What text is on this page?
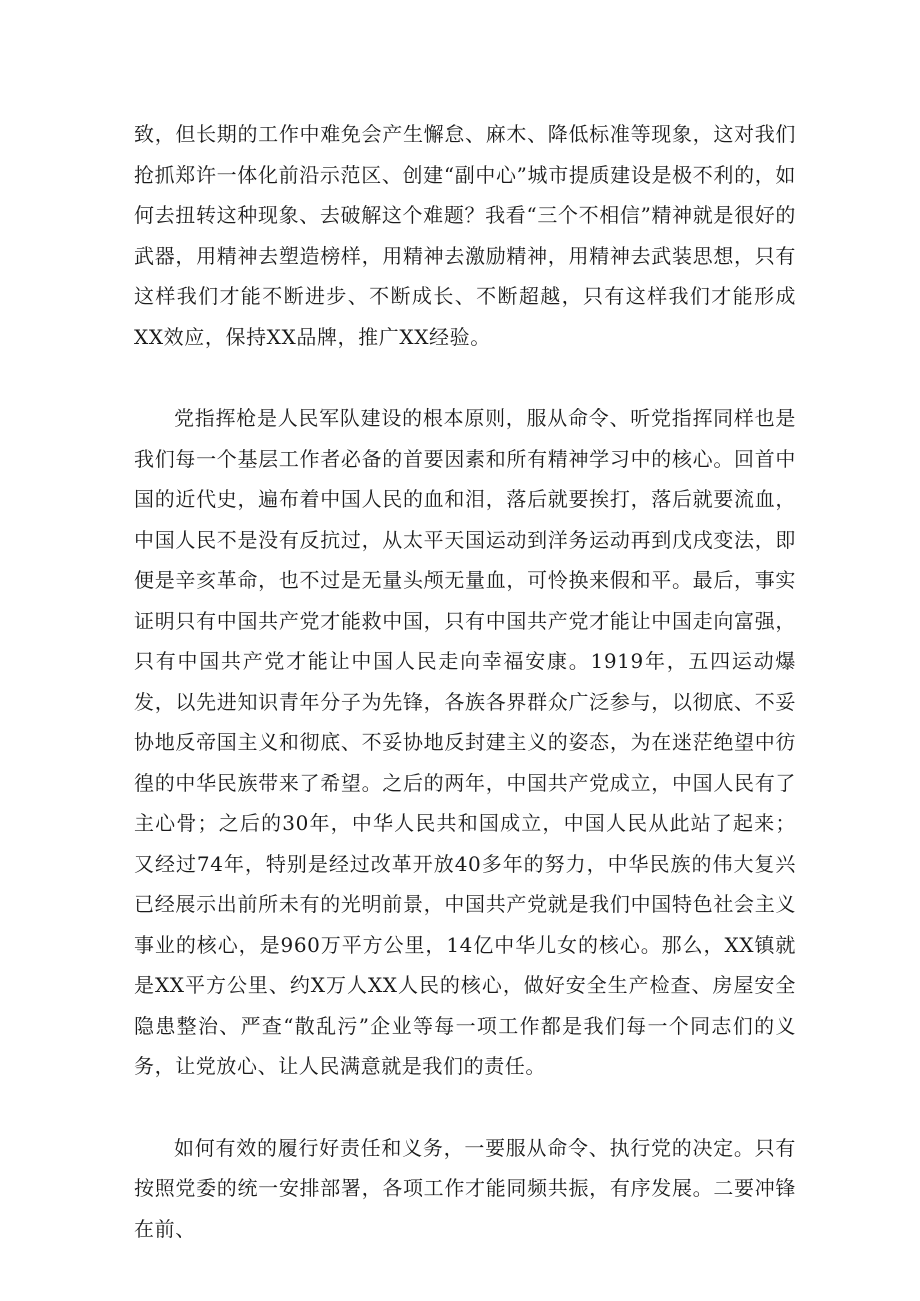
致，但长期的工作中难免会产生懈怠、麻木、降低标准等现象，这对我们抢抓郑许一体化前沿示范区、创建“副中心”城市提质建设是极不利的，如何去扭转这种现象、去破解这个难题？我看“三个不相信”精神就是很好的武器，用精神去塑造榜样，用精神去激励精神，用精神去武装思想，只有这样我们才能不断进步、不断成长、不断超越，只有这样我们才能形成XX效应，保持XX品牌，推广XX经验。

党指挥枪是人民军队建设的根本原则，服从命令、听党指挥同样也是我们每一个基层工作者必备的首要因素和所有精神学习中的核心。回首中国的近代史，遍布着中国人民的血和泪，落后就要挨打，落后就要流血，中国人民不是没有反抗过，从太平天国运动到洋务运动再到戊戌变法，即便是辛亥革命，也不过是无量头颅无量血，可怜换来假和平。最后，事实证明只有中国共产党才能救中国，只有中国共产党才能让中国走向富强，只有中国共产党才能让中国人民走向幸福安康。1919年，五四运动爆发，以先进知识青年分子为先锋，各族各界群众广泛参与，以彻底、不妥协地反帝国主义和彻底、不妥协地反封建主义的姿态，为在迷茫绝望中彷徨的中华民族带来了希望。之后的两年，中国共产党成立，中国人民有了主心骨；之后的30年，中华人民共和国成立，中国人民从此站了起来；又经过74年，特别是经过改革开放40多年的努力，中华民族的伟大复兴已经展示出前所未有的光明前景，中国共产党就是我们中国特色社会主义事业的核心，是960万平方公里，14亿中华儿女的核心。那么，XX镇就是XX平方公里、约X万人XX人民的核心，做好安全生产检查、房屋安全隐患整治、严查“散乱污”企业等每一项工作都是我们每一个同志们的义务，让党放心、让人民满意就是我们的责任。

如何有效的履行好责任和义务，一要服从命令、执行党的决定。只有按照党委的统一安排部署，各项工作才能同频共振，有序发展。二要冲锋在前、
